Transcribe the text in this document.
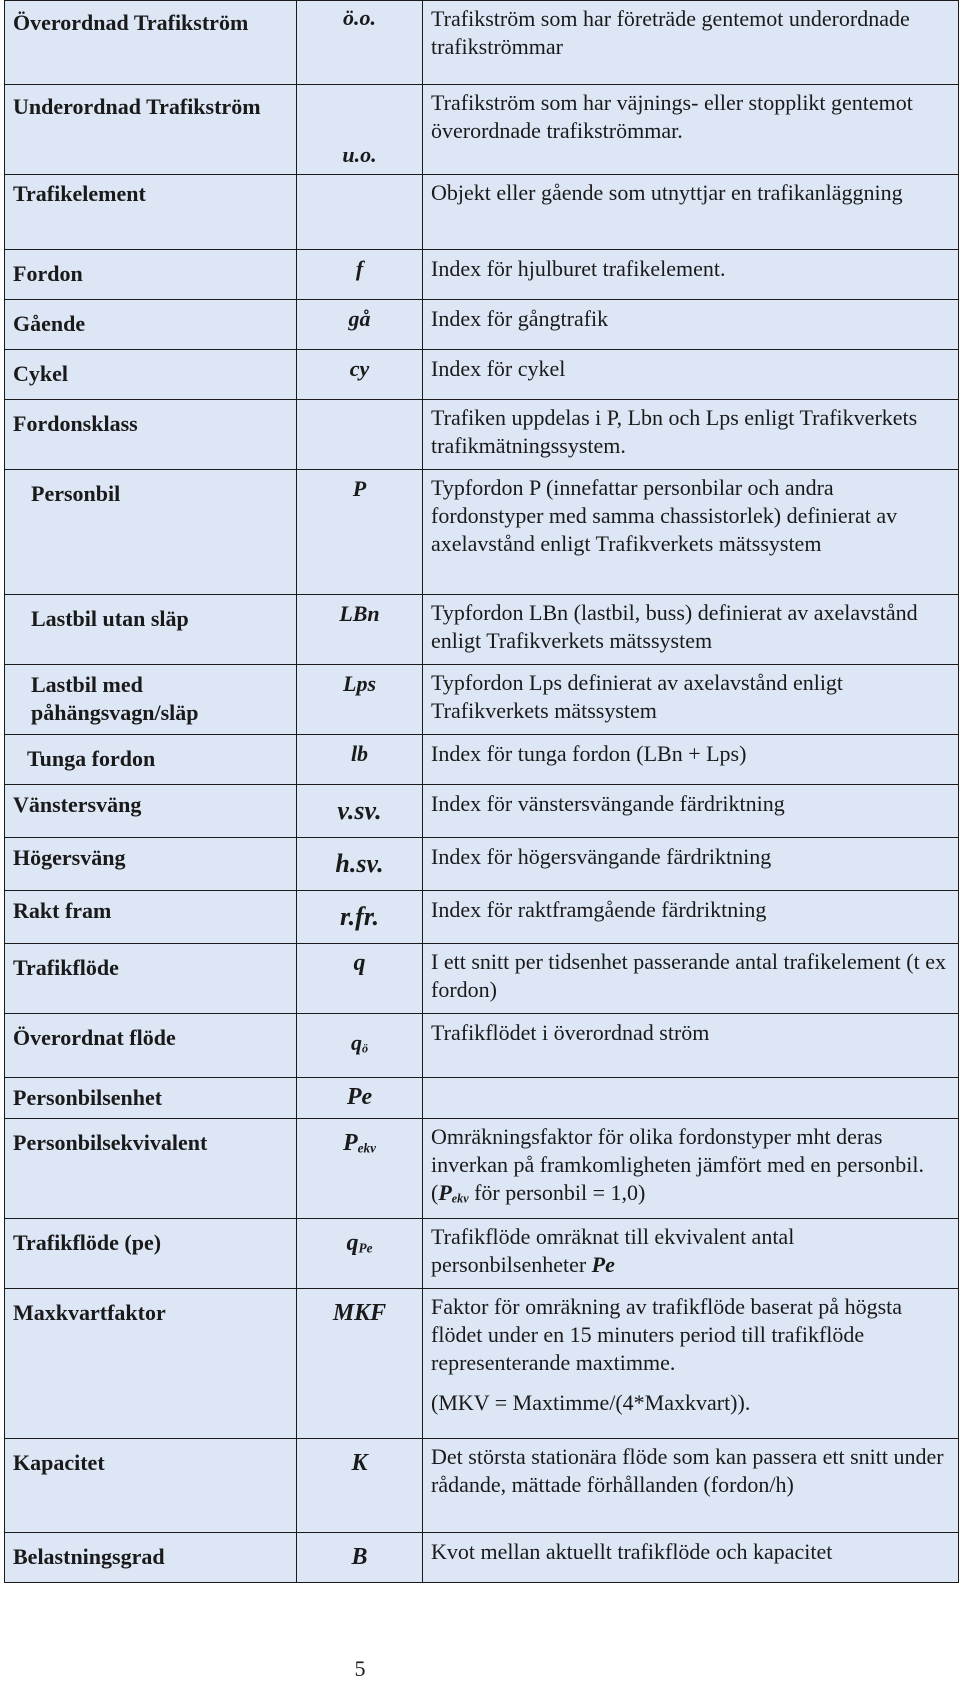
Överordnad Trafikström	ö.o.	Trafikström som har företräde gentemot underordnade trafikströmmar
Underordnad Trafikström	u.o.	Trafikström som har väjnings- eller stopplikt gentemot överordnade trafikströmmar.
Trafikelement		Objekt eller gående som utnyttjar en trafikanläggning
Fordon	f	Index för hjulburet trafikelement.
Gående	gå	Index för gångtrafik
Cykel	cy	Index för cykel
Fordonsklass		Trafiken uppdelas i P, Lbn och Lps enligt Trafikverkets trafikmätningssystem.
Personbil	P	Typfordon P (innefattar personbilar och andra fordonstyper med samma chassistorlek) definierat av axelavstånd enligt Trafikverkets mätssystem
Lastbil utan släp	LBn	Typfordon LBn (lastbil, buss) definierat av axelavstånd enligt Trafikverkets mätssystem
Lastbil med påhängsvagn/släp	Lps	Typfordon Lps definierat av axelavstånd enligt Trafikverkets mätssystem
Tunga fordon	lb	Index för tunga fordon (LBn + Lps)
Vänstersväng	v.sv.	Index för vänstersvängande färdriktning
Högersväng	h.sv.	Index för högersvängande färdriktning
Rakt fram	r.fr.	Index för raktframgående färdriktning
Trafikflöde	q	I ett snitt per tidsenhet passerande antal trafikelement (t ex fordon)
Överordnat flöde	$q_ö$	Trafikflödet i överordnad ström
Personbilsenhet	Pe	
Personbilsekvivalent	$P_{ekv}$	Omräkningsfaktor för olika fordonstyper mht deras inverkan på framkomligheten jämfört med en personbil. ($P_{ekv}$ för personbil = 1,0)
Trafikflöde (pe)	$q_{Pe}$	Trafikflöde omräknat till ekvivalent antal personbilsenheter Pe
Maxkvartfaktor	MKF	Faktor för omräkning av trafikflöde baserat på högsta flödet under en 15 minuters period till trafikflöde representerande maxtimme.

(MKV = Maxtimme/(4*Maxkvart)).

Kapacitet	K	Det största stationära flöde som kan passera ett snitt under rådande, mättade förhållanden (fordon/h)
Belastningsgrad	B	Kvot mellan aktuellt trafikflöde och kapacitet
5
